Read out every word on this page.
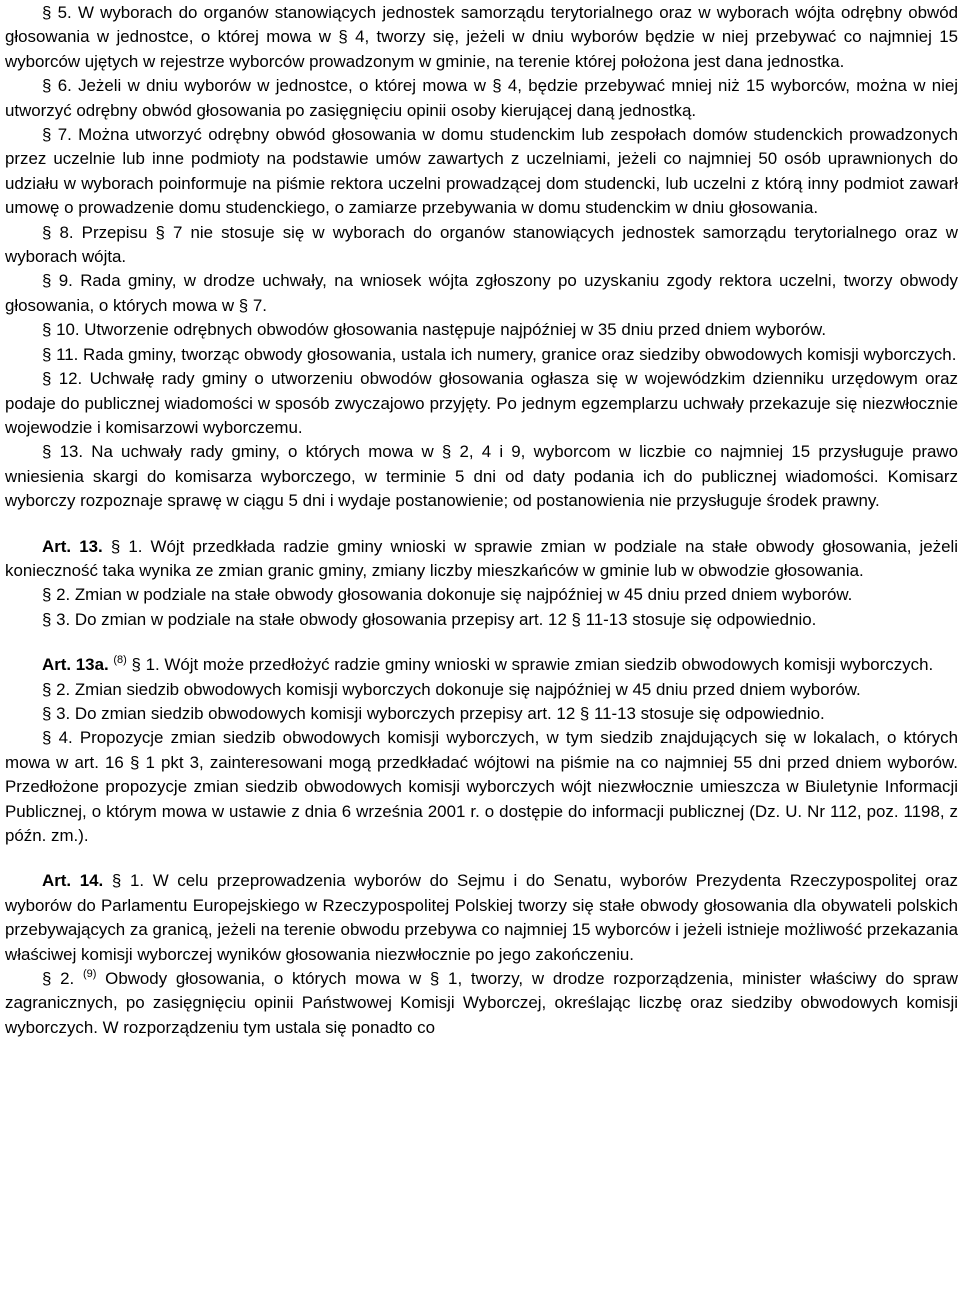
§ 5. W wyborach do organów stanowiących jednostek samorządu terytorialnego oraz w wyborach wójta odrębny obwód głosowania w jednostce, o której mowa w § 4, tworzy się, jeżeli w dniu wyborów będzie w niej przebywać co najmniej 15 wyborców ujętych w rejestrze wyborców prowadzonym w gminie, na terenie której położona jest dana jednostka.

§ 6. Jeżeli w dniu wyborów w jednostce, o której mowa w § 4, będzie przebywać mniej niż 15 wyborców, można w niej utworzyć odrębny obwód głosowania po zasięgnięciu opinii osoby kierującej daną jednostką.

§ 7. Można utworzyć odrębny obwód głosowania w domu studenckim lub zespołach domów studenckich prowadzonych przez uczelnie lub inne podmioty na podstawie umów zawartych z uczelniami, jeżeli co najmniej 50 osób uprawnionych do udziału w wyborach poinformuje na piśmie rektora uczelni prowadzącej dom studencki, lub uczelni z którą inny podmiot zawarł umowę o prowadzenie domu studenckiego, o zamiarze przebywania w domu studenckim w dniu głosowania.

§ 8. Przepisu § 7 nie stosuje się w wyborach do organów stanowiących jednostek samorządu terytorialnego oraz w wyborach wójta.

§ 9. Rada gminy, w drodze uchwały, na wniosek wójta zgłoszony po uzyskaniu zgody rektora uczelni, tworzy obwody głosowania, o których mowa w § 7.

§ 10. Utworzenie odrębnych obwodów głosowania następuje najpóźniej w 35 dniu przed dniem wyborów.

§ 11. Rada gminy, tworząc obwody głosowania, ustala ich numery, granice oraz siedziby obwodowych komisji wyborczych.

§ 12. Uchwałę rady gminy o utworzeniu obwodów głosowania ogłasza się w wojewódzkim dzienniku urzędowym oraz podaje do publicznej wiadomości w sposób zwyczajowo przyjęty. Po jednym egzemplarzu uchwały przekazuje się niezwłocznie wojewodzie i komisarzowi wyborczemu.

§ 13. Na uchwały rady gminy, o których mowa w § 2, 4 i 9, wyborcom w liczbie co najmniej 15 przysługuje prawo wniesienia skargi do komisarza wyborczego, w terminie 5 dni od daty podania ich do publicznej wiadomości. Komisarz wyborczy rozpoznaje sprawę w ciągu 5 dni i wydaje postanowienie; od postanowienia nie przysługuje środek prawny.

Art. 13. § 1. Wójt przedkłada radzie gminy wnioski w sprawie zmian w podziale na stałe obwody głosowania, jeżeli konieczność taka wynika ze zmian granic gminy, zmiany liczby mieszkańców w gminie lub w obwodzie głosowania.

§ 2. Zmian w podziale na stałe obwody głosowania dokonuje się najpóźniej w 45 dniu przed dniem wyborów.

§ 3. Do zmian w podziale na stałe obwody głosowania przepisy art. 12 § 11-13 stosuje się odpowiednio.

Art. 13a. $^{(8)}$ § 1. Wójt może przedłożyć radzie gminy wnioski w sprawie zmian siedzib obwodowych komisji wyborczych.

§ 2. Zmian siedzib obwodowych komisji wyborczych dokonuje się najpóźniej w 45 dniu przed dniem wyborów.

§ 3. Do zmian siedzib obwodowych komisji wyborczych przepisy art. 12 § 11-13 stosuje się odpowiednio.

§ 4. Propozycje zmian siedzib obwodowych komisji wyborczych, w tym siedzib znajdujących się w lokalach, o których mowa w art. 16 § 1 pkt 3, zainteresowani mogą przedkładać wójtowi na piśmie na co najmniej 55 dni przed dniem wyborów. Przedłożone propozycje zmian siedzib obwodowych komisji wyborczych wójt niezwłocznie umieszcza w Biuletynie Informacji Publicznej, o którym mowa w ustawie z dnia 6 września 2001 r. o dostępie do informacji publicznej (Dz. U. Nr 112, poz. 1198, z późn. zm.).

Art. 14. § 1. W celu przeprowadzenia wyborów do Sejmu i do Senatu, wyborów Prezydenta Rzeczypospolitej oraz wyborów do Parlamentu Europejskiego w Rzeczypospolitej Polskiej tworzy się stałe obwody głosowania dla obywateli polskich przebywających za granicą, jeżeli na terenie obwodu przebywa co najmniej 15 wyborców i jeżeli istnieje możliwość przekazania właściwej komisji wyborczej wyników głosowania niezwłocznie po jego zakończeniu.

§ 2. $^{(9)}$ Obwody głosowania, o których mowa w § 1, tworzy, w drodze rozporządzenia, minister właściwy do spraw zagranicznych, po zasięgnięciu opinii Państwowej Komisji Wyborczej, określając liczbę oraz siedziby obwodowych komisji wyborczych. W rozporządzeniu tym ustala się ponadto co
